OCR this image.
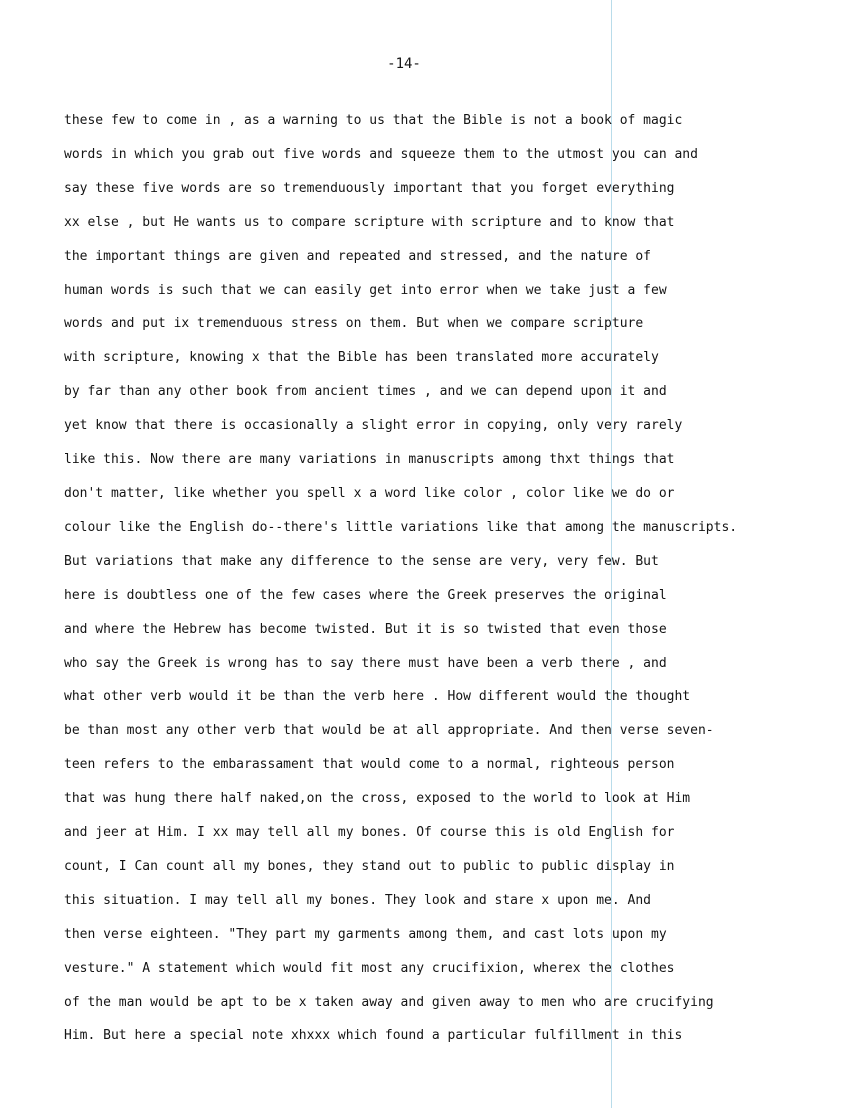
-14-
these few to come in , as a warning to us that the Bible is not a book of magic
words in which you grab out five words and squeeze them to the utmost you can and
say these five words are so tremenduously important that you forget everything
xx else , but He wants us to compare scripture with scripture and to know that
the important things are given and repeated and stressed, and the nature of
human words is such that we can easily get into error when we take just a few
words and put ix tremenduous stress on them. But when we compare scripture
with scripture, knowing x that the Bible has been translated more accurately
by far than any other book from ancient times , and we can depend upon it and
yet know that there is occasionally a slight error in copying, only very rarely
like this. Now there are many variations in manuscripts among thxt things that
don't matter, like whether you spell x a word like color , color like we do or
colour like the English do--there's little variations like that among the manuscripts.
But variations that make any difference to the sense are very, very few. But
here is doubtless one of the few cases where the Greek preserves the original
and where the Hebrew has become twisted. But it is so twisted that even those
who say the Greek is wrong has to say there must have been a verb there , and
what other verb would it be than the verb here . How different would the thought
be than most any other verb that would be at all appropriate. And then verse seven-
teen refers to the embarassament that would come to a normal, righteous person
that was hung there half naked,on the cross, exposed to the world to look at Him
and jeer at Him. I xx may tell all my bones. Of course this is old English for
count, I Can count all my bones, they stand out to public to public display in
this situation. I may tell all my bones. They look and stare x upon me. And
then verse eighteen. "They part my garments among them, and cast lots upon my
vesture." A statement which would fit most any crucifixion, wherex the clothes
of the man would be apt to be x taken away and given away to men who are crucifying
Him. But here a special note xhxxx which found a particular fulfillment in this
